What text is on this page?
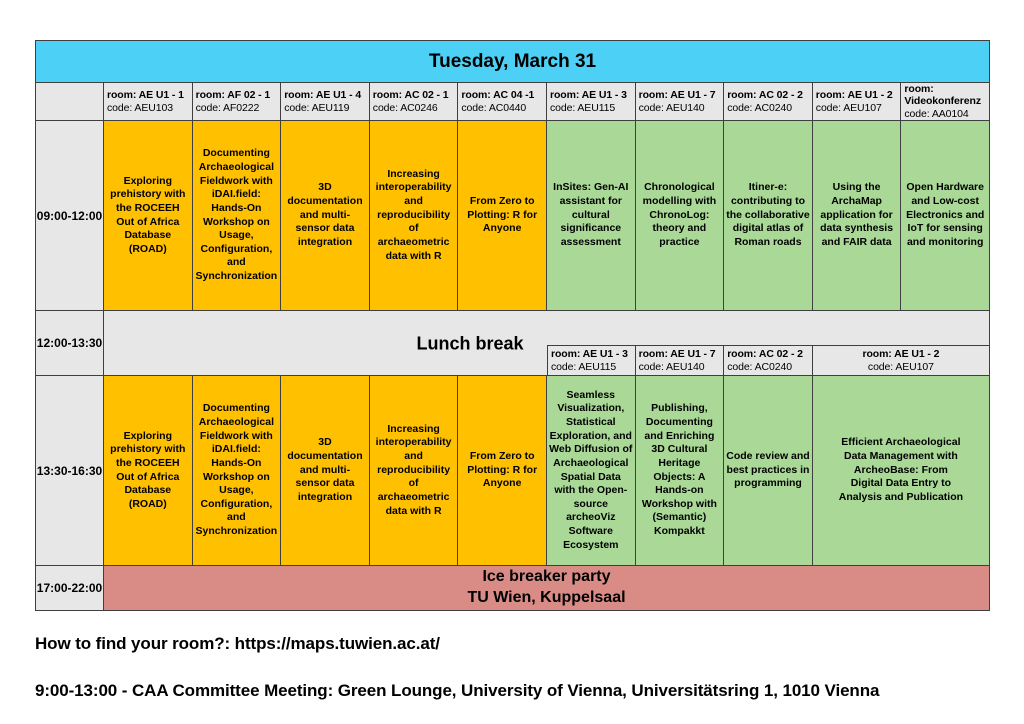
Tuesday, March 31
room: AE U1 - 1
code: AEU103
room: AF 02 - 1
code: AF0222
room: AE U1 - 4
code: AEU119
room: AC 02 - 1
code: AC0246
room: AC 04 -1
code: AC0440
room: AE U1 - 3
code: AEU115
room: AE U1 - 7
code: AEU140
room: AC 02 - 2
code: AC0240
room: AE U1 - 2
code: AEU107
room: Videokonferenz
code: AA0104
09:00-12:00
Exploring prehistory with the ROCEEH Out of Africa Database (ROAD)
Documenting Archaeological Fieldwork with iDAI.field: Hands-On Workshop on Usage, Configuration, and Synchronization
3D documentation and multi-sensor data integration
Increasing interoperability and reproducibility of archaeometric data with R
From Zero to Plotting: R for Anyone
InSites: Gen-AI assistant for cultural significance assessment
Chronological modelling with ChronoLog: theory and practice
Itiner-e: contributing to the collaborative digital atlas of Roman roads
Using the ArchaMap application for data synthesis and FAIR data
Open Hardware and Low-cost Electronics and IoT for sensing and monitoring
12:00-13:30
room: AE U1 - 3
code: AEU115
room: AE U1 - 7
code: AEU140
room: AC 02 - 2
code: AC0240
room: AE U1 - 2
code: AEU107
13:30-16:30
Exploring prehistory with the ROCEEH Out of Africa Database (ROAD)
Documenting Archaeological Fieldwork with iDAI.field: Hands-On Workshop on Usage, Configuration, and Synchronization
3D documentation and multi-sensor data integration
Increasing interoperability and reproducibility of archaeometric data with R
From Zero to Plotting: R for Anyone
Seamless Visualization, Statistical Exploration, and Web Diffusion of Archaeological Spatial Data with the Open-source archeoViz Software Ecosystem
Publishing, Documenting and Enriching 3D Cultural Heritage Objects: A Hands-on Workshop with (Semantic) Kompakkt
Code review and best practices in programming
Efficient Archaeological Data Management with ArcheoBase: From Digital Data Entry to Analysis and Publication
17:00-22:00
Ice breaker party
TU Wien, Kuppelsaal
Lunch break
How to find your room?: https://maps.tuwien.ac.at/
9:00-13:00 - CAA Committee Meeting: Green Lounge, University of Vienna, Universitätsring 1, 1010 Vienna
